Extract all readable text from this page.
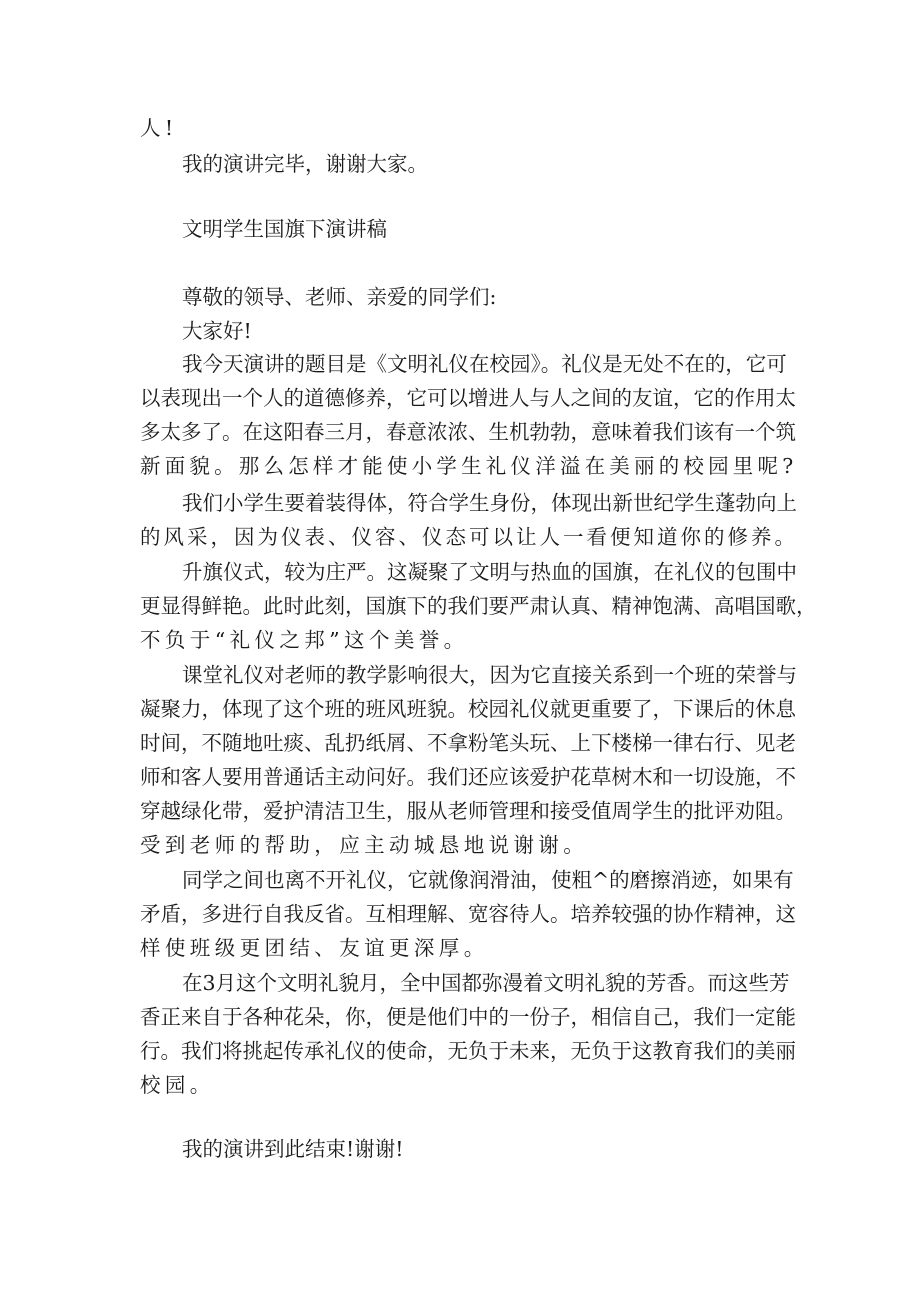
人!
我的演讲完毕，谢谢大家。
文明学生国旗下演讲稿
尊敬的领导、老师、亲爱的同学们:
大家好!
我今天演讲的题目是《文明礼仪在校园》。礼仪是无处不在的，它可
以表现出一个人的道德修养，它可以增进人与人之间的友谊，它的作用太
多太多了。在这阳春三月，春意浓浓、生机勃勃，意味着我们该有一个筑
新面貌。那么怎样才能使小学生礼仪洋溢在美丽的校园里呢?
我们小学生要着装得体，符合学生身份，体现出新世纪学生蓬勃向上
的风采，因为仪表、仪容、仪态可以让人一看便知道你的修养。
升旗仪式，较为庄严。这凝聚了文明与热血的国旗，在礼仪的包围中
更显得鲜艳。此时此刻，国旗下的我们要严肃认真、精神饱满、高唱国歌，
不负于“礼仪之邦”这个美誉。
课堂礼仪对老师的教学影响很大，因为它直接关系到一个班的荣誉与
凝聚力，体现了这个班的班风班貌。校园礼仪就更重要了，下课后的休息
时间，不随地吐痰、乱扔纸屑、不拿粉笔头玩、上下楼梯一律右行、见老
师和客人要用普通话主动问好。我们还应该爱护花草树木和一切设施，不
穿越绿化带，爱护清洁卫生，服从老师管理和接受值周学生的批评劝阻。
受到老师的帮助，应主动城恳地说谢谢。
同学之间也离不开礼仪，它就像润滑油，使粗^的磨擦消迹，如果有
矛盾，多进行自我反省。互相理解、宽容待人。培养较强的协作精神，这
样使班级更团结、友谊更深厚。
在3月这个文明礼貌月，全中国都弥漫着文明礼貌的芳香。而这些芳
香正来自于各种花朵，你，便是他们中的一份子，相信自己，我们一定能
行。我们将挑起传承礼仪的使命，无负于未来，无负于这教育我们的美丽
校园。
我的演讲到此结束!谢谢!
